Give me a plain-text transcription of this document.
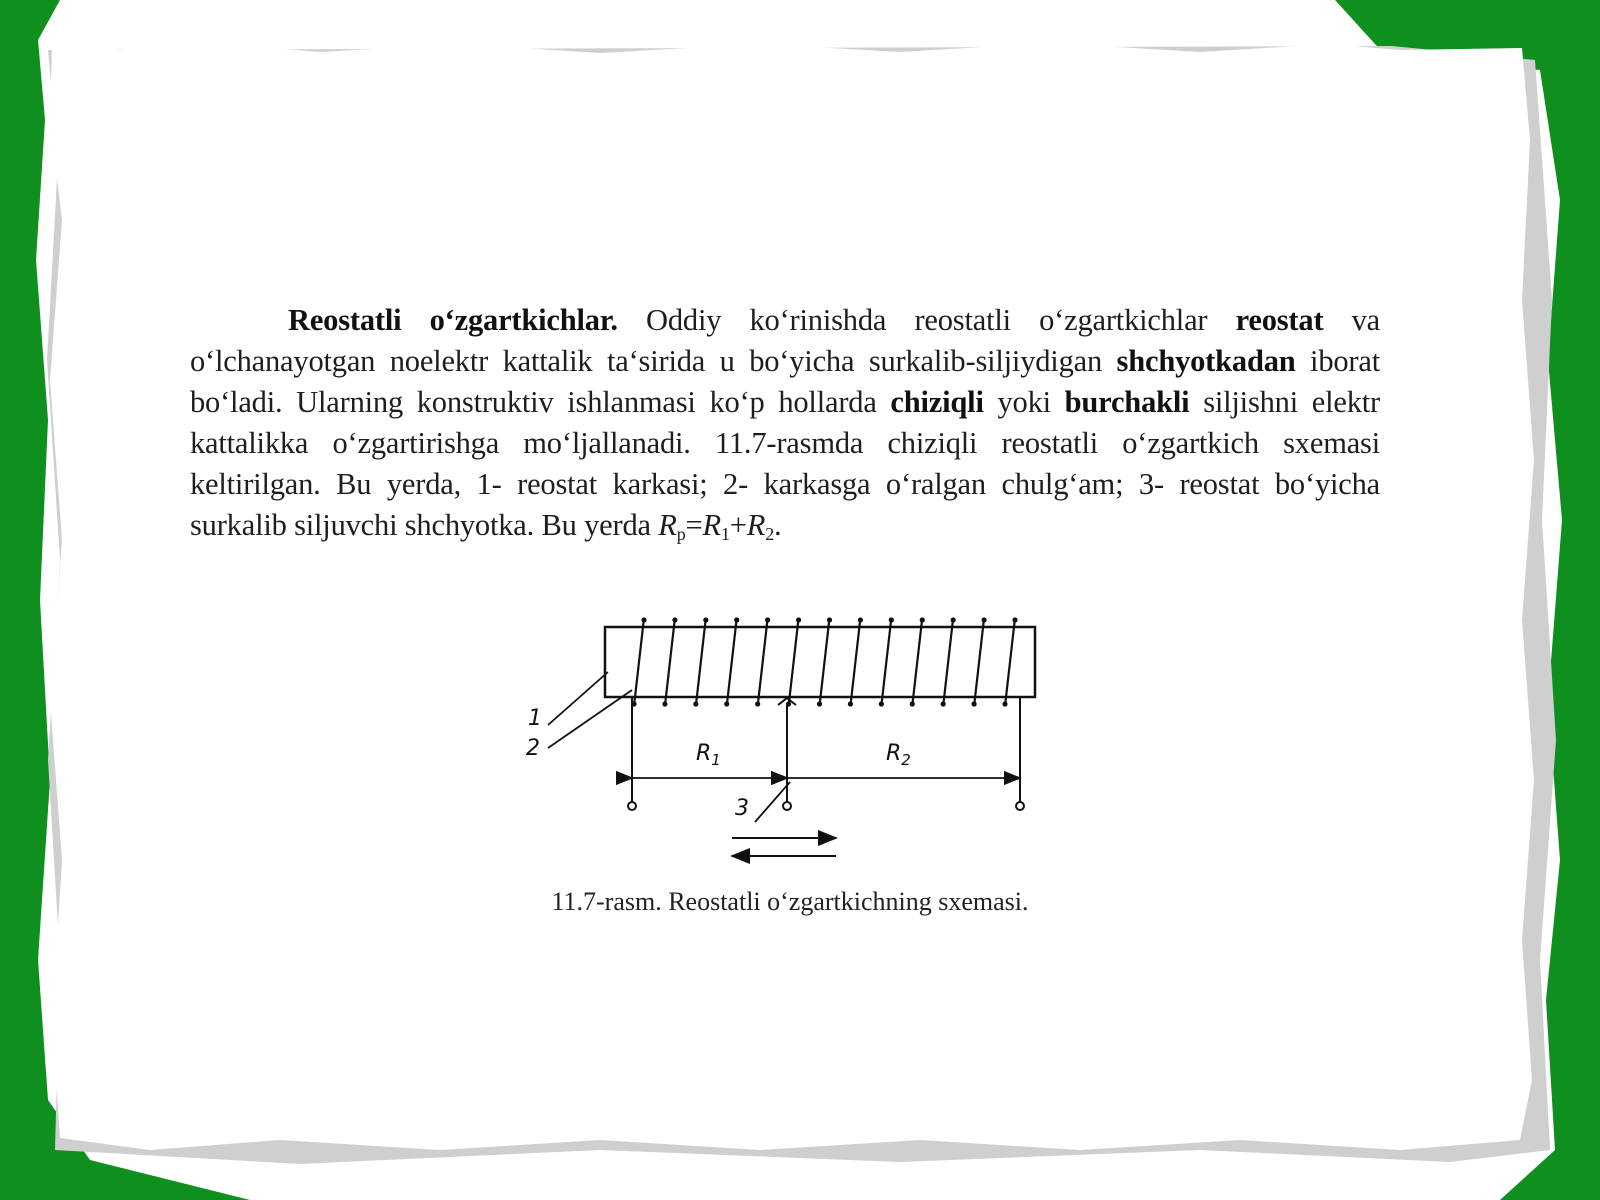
Reostatli o‘zgartkichlar. Oddiy ko‘rinishda reostatli o‘zgartkichlar reostat va o‘lchanayotgan noelektr kattalik ta‘sirida u bo‘yicha surkalib-siljiydigan shchyotkadan iborat bo‘ladi. Ularning konstruktiv ishlanmasi ko‘p hollarda chiziqli yoki burchakli siljishni elektr kattalikka o‘zgartirishga mo‘ljallanadi. 11.7-rasmda chiziqli reostatli o‘zgartkich sxemasi keltirilgan. Bu yerda, 1- reostat karkasi; 2- karkasga o‘ralgan chulg‘am; 3- reostat bo‘yicha surkalib siljuvchi shchyotka. Bu yerda $R_p=R_1+R_2$.
1
2
3
$R_1$	$R_2$
11.7-rasm. Reostatli o‘zgartkichning sxemasi.
